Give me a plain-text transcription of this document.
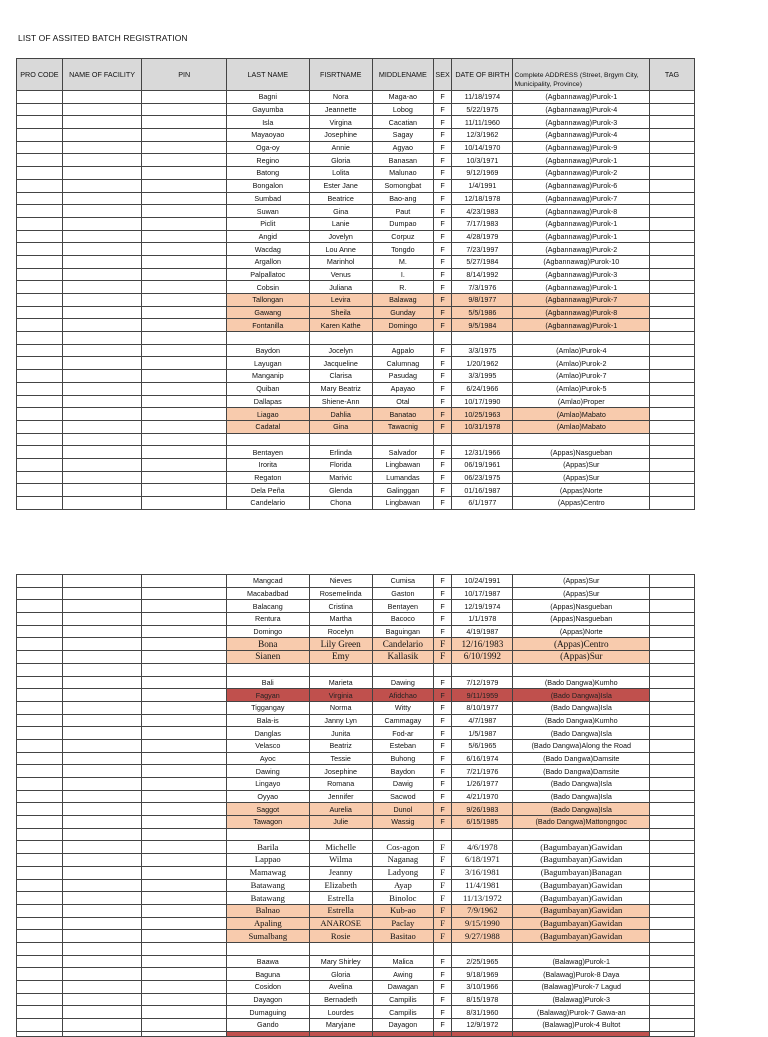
LIST OF ASSITED BATCH REGISTRATION
PRO CODE	NAME OF FACILITY	PIN	LAST NAME	FISRTNAME	MIDDLENAME	SEX	DATE OF BIRTH	Complete ADDRESS (Street, Brgym City, Municipality, Province)	TAG
			Bagni	Nora	Maga-ao	F	11/18/1974	(Agbannawag)Purok-1	
			Gayumba	Jeannette	Lobog	F	5/22/1975	(Agbannawag)Purok-4	
			Isla	Virgina	Cacatian	F	11/11/1960	(Agbannawag)Purok-3	
			Mayaoyao	Josephine	Sagay	F	12/3/1962	(Agbannawag)Purok-4	
			Oga-oy	Annie	Agyao	F	10/14/1970	(Agbannawag)Purok-9	
			Regino	Gloria	Banasan	F	10/3/1971	(Agbannawag)Purok-1	
			Batong	Lolita	Malunao	F	9/12/1969	(Agbannawag)Purok-2	
			Bongalon	Ester Jane	Somongbat	F	1/4/1991	(Agbannawag)Purok-6	
			Sumbad	Beatrice	Bao-ang	F	12/18/1978	(Agbannawag)Purok-7	
			Suwan	Gina	Paut	F	4/23/1983	(Agbannawag)Purok-8	
			Piclit	Lanie	Dumpao	F	7/17/1983	(Agbannawag)Purok-1	
			Angid	Jovelyn	Corpuz	F	4/28/1979	(Agbannawag)Purok-1	
			Wacdag	Lou Anne	Tongdo	F	7/23/1997	(Agbannawag)Purok-2	
			Argallon	Marinhol	M.	F	5/27/1984	(Agbannawag)Purok-10	
			Palpallatoc	Venus	I.	F	8/14/1992	(Agbannawag)Purok-3	
			Cobsin	Juliana	R.	F	7/3/1976	(Agbannawag)Purok-1	
			Tallongan	Levira	Balawag	F	9/8/1977	(Agbannawag)Purok-7	
			Gawang	Sheila	Gunday	F	5/5/1986	(Agbannawag)Purok-8	
			Fontanilla	Karen Kathe	Domingo	F	9/5/1984	(Agbannawag)Purok-1	

			Baydon	Jocelyn	Agpalo	F	3/3/1975	(Amlao)Purok-4	
			Layugan	Jacqueline	Calumnag	F	1/20/1962	(Amlao)Purok-2	
			Manganip	Clarisa	Pasudag	F	3/3/1995	(Amlao)Purok-7	
			Quiban	Mary Beatriz	Apayao	F	6/24/1966	(Amlao)Purok-5	
			Dallapas	Shiene-Ann	Otal	F	10/17/1990	(Amlao)Proper	
			Liagao	Dahlia	Banatao	F	10/25/1963	(Amlao)Mabato	
			Cadatal	Gina	Tawacnig	F	10/31/1978	(Amlao)Mabato	

			Bentayen	Erlinda	Salvador	F	12/31/1966	(Appas)Nasgueban	
			Irorita	Florida	Lingbawan	F	06/19/1961	(Appas)Sur	
			Regaton	Marivic	Lumandas	F	06/23/1975	(Appas)Sur	
			Dela Peña	Glenda	Galinggan	F	01/16/1987	(Appas)Norte	
			Candelario	Chona	Lingbawan	F	6/1/1977	(Appas)Centro	
			Mangcad	Nieves	Cumisa	F	10/24/1991	(Appas)Sur	
			Macabadbad	Rosemelinda	Gaston	F	10/17/1987	(Appas)Sur	
			Balacang	Cristina	Bentayen	F	12/19/1974	(Appas)Nasgueban	
			Rentura	Martha	Bacoco	F	1/1/1978	(Appas)Nasgueban	
			Domingo	Rocelyn	Baguingan	F	4/19/1987	(Appas)Norte	
			Bona	Lily Green	Candelario	F	12/16/1983	(Appas)Centro	
			Sianen	Emy	Kallasik	F	6/10/1992	(Appas)Sur	

			Bali	Marieta	Dawing	F	7/12/1979	(Bado Dangwa)Kumho	
			Fagyan	Virginia	Afidchao	F	9/11/1959	(Bado Dangwa)Isla	
			Tiggangay	Norma	Witty	F	8/10/1977	(Bado Dangwa)Isla	
			Bala-is	Janny Lyn	Cammagay	F	4/7/1987	(Bado Dangwa)Kumho	
			Danglas	Junita	Fod-ar	F	1/5/1987	(Bado Dangwa)Isla	
			Velasco	Beatriz	Esteban	F	5/6/1965	(Bado Dangwa)Along the Road	
			Ayoc	Tessie	Buhong	F	6/16/1974	(Bado Dangwa)Damsite	
			Dawing	Josephine	Baydon	F	7/21/1976	(Bado Dangwa)Damsite	
			Lingayo	Romana	Dawig	F	1/26/1977	(Bado Dangwa)Isla	
			Oyyao	Jennifer	Sacwod	F	4/21/1970	(Bado Dangwa)Isla	
			Saggot	Aurelia	Dunol	F	9/26/1983	(Bado Dangwa)Isla	
			Tawagon	Julie	Wassig	F	6/15/1985	(Bado Dangwa)Mattongngoc	

			Barila	Michelle	Cos-agon	F	4/6/1978	(Bagumbayan)Gawidan	
			Lappao	Wilma	Naganag	F	6/18/1971	(Bagumbayan)Gawidan	
			Mamawag	Jeanny	Ladyong	F	3/16/1981	(Bagumbayan)Banagan	
			Batawang	Elizabeth	Ayap	F	11/4/1981	(Bagumbayan)Gawidan	
			Batawang	Estrella	Binoloc	F	11/13/1972	(Bagumbayan)Gawidan	
			Balnao	Estrella	Kub-ao	F	7/9/1962	(Bagumbayan)Gawidan	
			Apaling	ANAROSE	Paclay	F	9/15/1990	(Bagumbayan)Gawidan	
			Sumalbang	Rosie	Basitao	F	9/27/1988	(Bagumbayan)Gawidan	

			Baawa	Mary Shirley	Malica	F	2/25/1965	(Balawag)Purok-1	
			Baguna	Gloria	Awing	F	9/18/1969	(Balawag)Purok-8 Daya	
			Cosidon	Avelina	Dawagan	F	3/10/1966	(Balawag)Purok-7 Lagud	
			Dayagon	Bernadeth	Campilis	F	8/15/1978	(Balawag)Purok-3	
			Dumaguing	Lourdes	Campilis	F	8/31/1960	(Balawag)Purok-7 Gawa-an	
			Gando	Maryjane	Dayagon	F	12/9/1972	(Balawag)Purok-4 Bultot	
